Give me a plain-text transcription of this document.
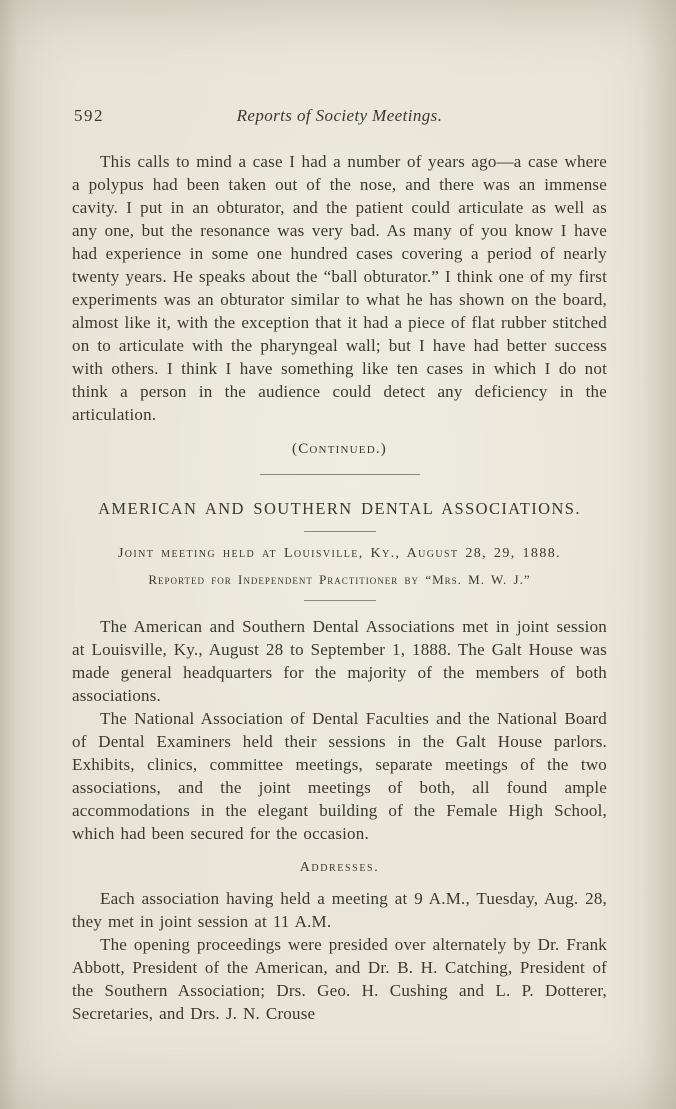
592	Reports of Society Meetings.

This calls to mind a case I had a number of years ago—a case where a polypus had been taken out of the nose, and there was an immense cavity. I put in an obturator, and the patient could articulate as well as any one, but the resonance was very bad. As many of you know I have had experience in some one hundred cases covering a period of nearly twenty years. He speaks about the “ball obturator.” I think one of my first experiments was an obturator similar to what he has shown on the board, almost like it, with the exception that it had a piece of flat rubber stitched on to articulate with the pharyngeal wall; but I have had better success with others. I think I have something like ten cases in which I do not think a person in the audience could detect any deficiency in the articulation.

(Continued.)

AMERICAN AND SOUTHERN DENTAL ASSOCIATIONS.

Joint meeting held at Louisville, Ky., August 28, 29, 1888.

Reported for Independent Practitioner by “Mrs. M. W. J.”

The American and Southern Dental Associations met in joint session at Louisville, Ky., August 28 to September 1, 1888. The Galt House was made general headquarters for the majority of the members of both associations.

The National Association of Dental Faculties and the National Board of Dental Examiners held their sessions in the Galt House parlors. Exhibits, clinics, committee meetings, separate meetings of the two associations, and the joint meetings of both, all found ample accommodations in the elegant building of the Female High School, which had been secured for the occasion.

Addresses.

Each association having held a meeting at 9 A.M., Tuesday, Aug. 28, they met in joint session at 11 A.M.

The opening proceedings were presided over alternately by Dr. Frank Abbott, President of the American, and Dr. B. H. Catching, President of the Southern Association; Drs. Geo. H. Cushing and L. P. Dotterer, Secretaries, and Drs. J. N. Crouse
